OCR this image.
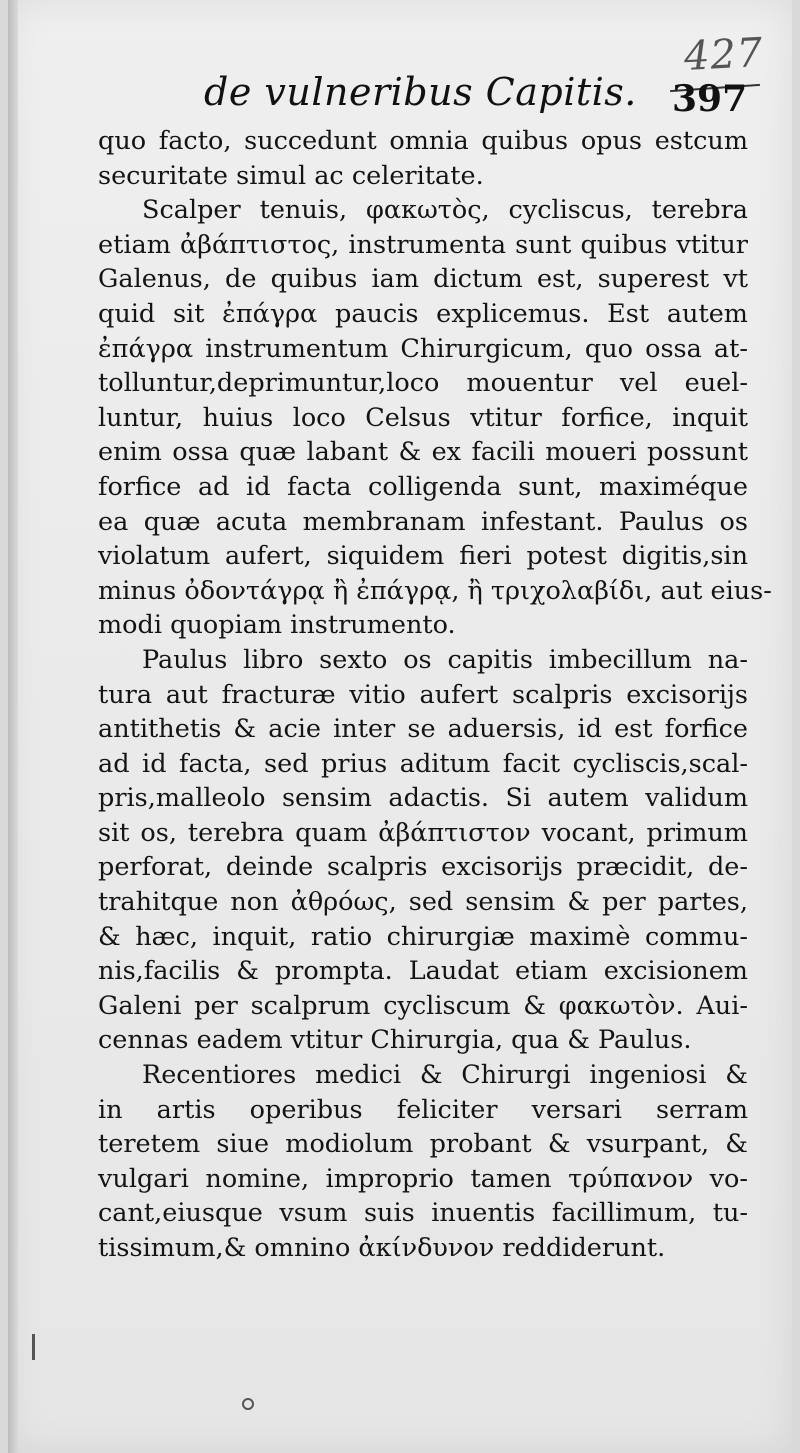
427
de vulneribus Capitis. 397
quo facto, succedunt omnia quibus opus estcum
securitate simul ac celeritate.
Scalper tenuis, φακωτὸς, cycliscus, terebra
etiam ἀβάπτιστος, instrumenta sunt quibus vtitur
Galenus, de quibus iam dictum est, superest vt
quid sit ἐπάγρα paucis explicemus. Est autem
ἐπάγρα instrumentum Chirurgicum, quo ossa at-
tolluntur,deprimuntur,loco mouentur vel euel-
luntur, huius loco Celsus vtitur forfice, inquit
enim ossa quæ labant & ex facili moueri possunt
forfice ad id facta colligenda sunt, maximéque
ea quæ acuta membranam infestant. Paulus os
violatum aufert, siquidem fieri potest digitis,sin
minus ὀδοντάγρᾳ ἢ ἐπάγρᾳ, ἢ τριχολαβίδι, aut eius-
modi quopiam instrumento.
Paulus libro sexto os capitis imbecillum na-
tura aut fracturæ vitio aufert scalpris excisorijs
antithetis & acie inter se aduersis, id est forfice
ad id facta, sed prius aditum facit cycliscis,scal-
pris,malleolo sensim adactis. Si autem validum
sit os, terebra quam ἀβάπτιστον vocant, primum
perforat, deinde scalpris excisorijs præcidit, de-
trahitque non ἀθρόως, sed sensim & per partes,
& hæc, inquit, ratio chirurgiæ maximè commu-
nis,facilis & prompta. Laudat etiam excisionem
Galeni per scalprum cycliscum & φακωτὸν. Aui-
cennas eadem vtitur Chirurgia, qua & Paulus.
Recentiores medici & Chirurgi ingeniosi &
in artis operibus feliciter versari serram
teretem siue modiolum probant & vsurpant, &
vulgari nomine, improprio tamen τρύπανον vo-
cant,eiusque vsum suis inuentis facillimum, tu-
tissimum,& omnino ἀκίνδυνον reddiderunt.
